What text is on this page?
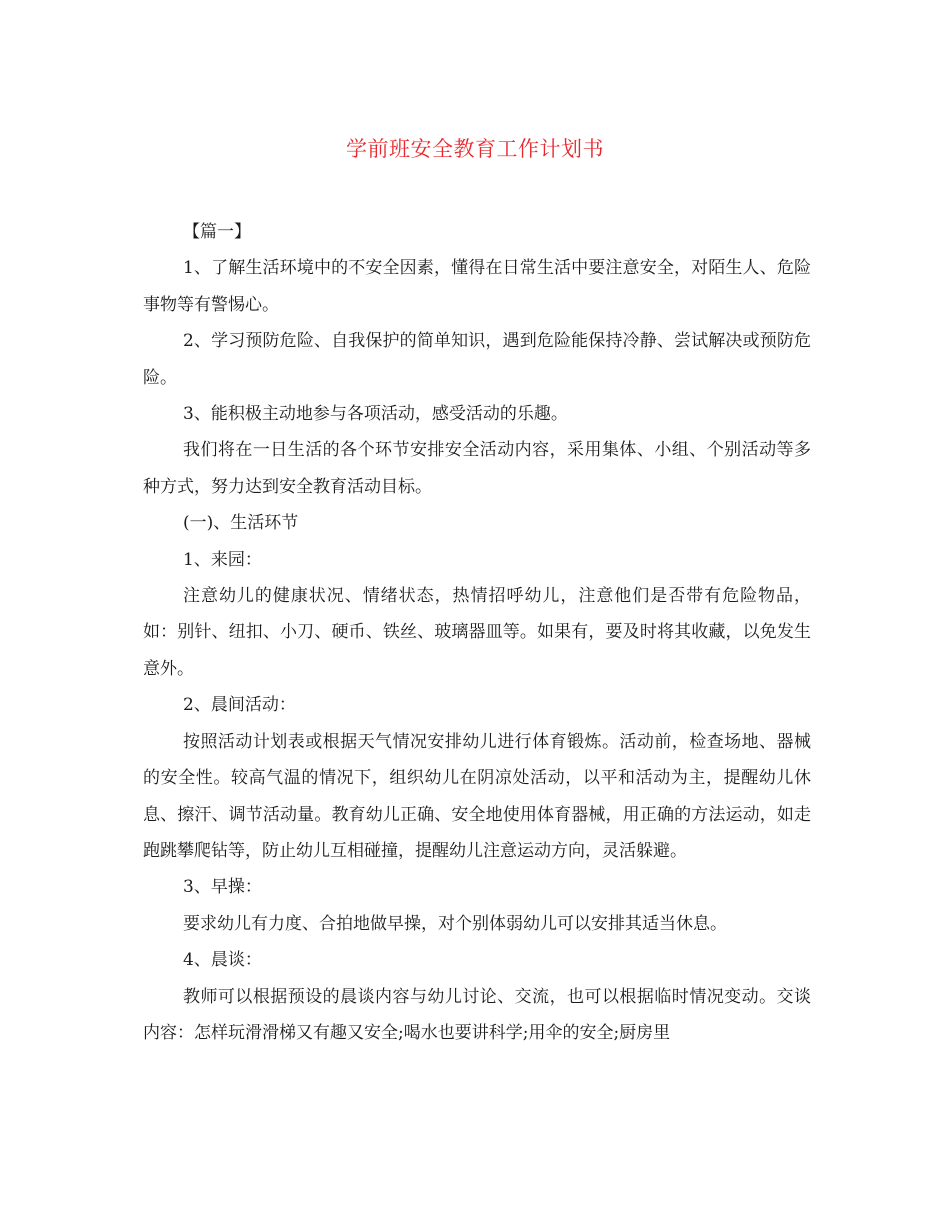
学前班安全教育工作计划书

【篇一】

1、了解生活环境中的不安全因素，懂得在日常生活中要注意安全，对陌生人、危险事物等有警惕心。

2、学习预防危险、自我保护的简单知识，遇到危险能保持冷静、尝试解决或预防危险。

3、能积极主动地参与各项活动，感受活动的乐趣。

我们将在一日生活的各个环节安排安全活动内容，采用集体、小组、个别活动等多种方式，努力达到安全教育活动目标。

(一)、生活环节

1、来园：

注意幼儿的健康状况、情绪状态，热情招呼幼儿，注意他们是否带有危险物品，如：别针、纽扣、小刀、硬币、铁丝、玻璃器皿等。如果有，要及时将其收藏，以免发生意外。

2、晨间活动：

按照活动计划表或根据天气情况安排幼儿进行体育锻炼。活动前，检查场地、器械的安全性。较高气温的情况下，组织幼儿在阴凉处活动，以平和活动为主，提醒幼儿休息、擦汗、调节活动量。教育幼儿正确、安全地使用体育器械，用正确的方法运动，如走跑跳攀爬钻等，防止幼儿互相碰撞，提醒幼儿注意运动方向，灵活躲避。

3、早操：

要求幼儿有力度、合拍地做早操，对个别体弱幼儿可以安排其适当休息。

4、晨谈：

教师可以根据预设的晨谈内容与幼儿讨论、交流，也可以根据临时情况变动。交谈内容：怎样玩滑滑梯又有趣又安全;喝水也要讲科学;用伞的安全;厨房里
